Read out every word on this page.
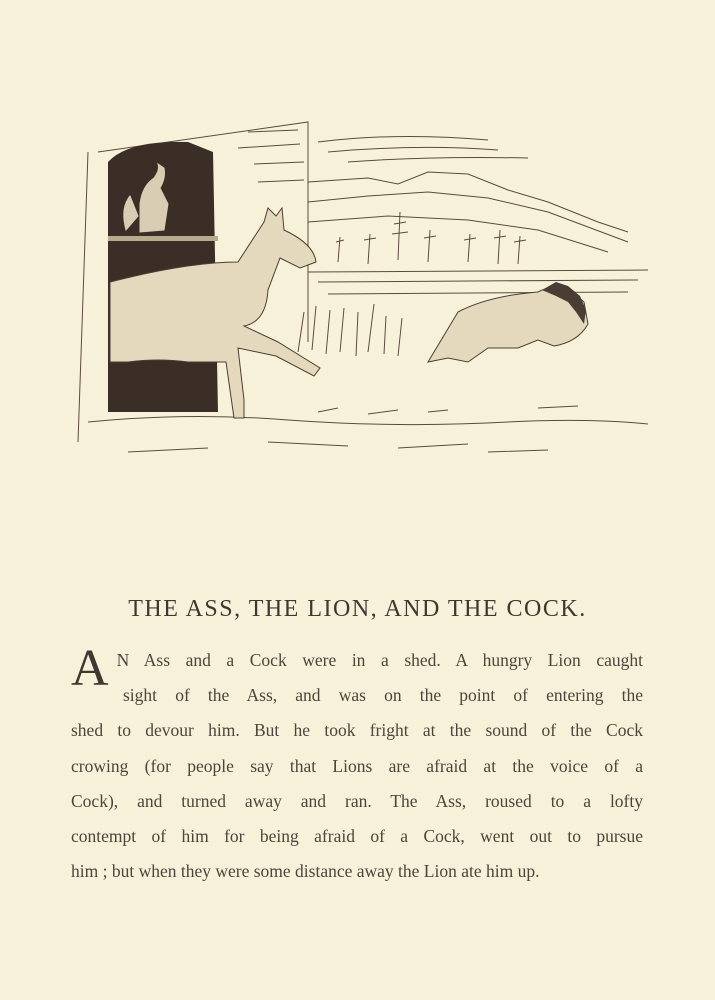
THE ASS, THE LION, AND THE COCK.
A N Ass and a Cock were in a shed. A hungry Lion caught
sight of the Ass, and was on the point of entering the
shed to devour him. But he took fright at the sound of the Cock
crowing (for people say that Lions are afraid at the voice of a
Cock), and turned away and ran. The Ass, roused to a lofty
contempt of him for being afraid of a Cock, went out to pursue
him ; but when they were some distance away the Lion ate him up.
